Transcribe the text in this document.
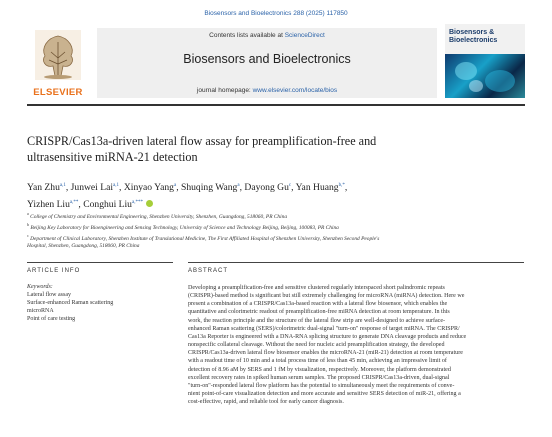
Biosensors and Bioelectronics 288 (2025) 117850
ELSEVIER
Contents lists available at ScienceDirect
Biosensors and Bioelectronics
journal homepage: www.elsevier.com/locate/bios
Biosensors &
Bioelectronics
CRISPR/Cas13a-driven lateral flow assay for preamplification-free and
ultrasensitive miRNA-21 detection
Yan Zhu$^{a,1}$, Junwei Lai$^{a,1}$, Xinyao Yang$^a$, Shuqing Wang$^a$, Dayong Gu$^c$, Yan Huang$^{b,*}$,
Yizhen Liu$^{a,**}$, Conghui Liu$^{a,***}$
$^a$ College of Chemistry and Environmental Engineering, Shenzhen University, Shenzhen, Guangdong, 518060, PR China
$^b$ Beijing Key Laboratory for Bioengineering and Sensing Technology, University of Science and Technology Beijing, Beijing, 100083, PR China
$^c$ Department of Clinical Laboratory, Shenzhen Institute of Translational Medicine, The First Affiliated Hospital of Shenzhen University, Shenzhen Second People's
Hospital, Shenzhen, Guangdong, 518060, PR China
ARTICLE INFO	ABSTRACT
Keywords:
Lateral flow assay
Surface-enhanced Raman scattering
microRNA
Point of care testing
Developing a preamplification-free and sensitive clustered regularly interspaced short palindromic repeats
(CRISPR)-based method is significant but still extremely challenging for microRNA (miRNA) detection. Here we
present a combination of a CRISPR/Cas13a-based reaction with a lateral flow biosensor, which enables the
quantitative and colorimetric readout of preamplification-free miRNA detection at room temperature. In this
work, the reaction principle and the structure of the lateral flow strip are well-designed to achieve surface-
enhanced Raman scattering (SERS)/colorimetric dual-signal "turn-on" response of target miRNA. The CRISPR/
Cas13a Reporter is engineered with a DNA-RNA splicing structure to generate DNA cleavage products and reduce
nonspecific collateral cleavage. Without the need for nucleic acid preamplification strategy, the developed
CRISPR/Cas13a-driven lateral flow biosensor enables the microRNA-21 (miR-21) detection at room temperature
with a readout time of 10 min and a total process time of less than 45 min, achieving an impressive limit of
detection of 8.96 aM by SERS and 1 fM by visualization, respectively. Moreover, the platform demonstrated
excellent recovery rates in spiked human serum samples. The proposed CRISPR/Cas13a-driven, dual-signal
"turn-on"-responded lateral flow platform has the potential to simultaneously meet the requirements of conve-
nient point-of-care visualization detection and more accurate and sensitive SERS detection of miR-21, offering a
cost-effective, rapid, and reliable tool for early cancer diagnosis.
